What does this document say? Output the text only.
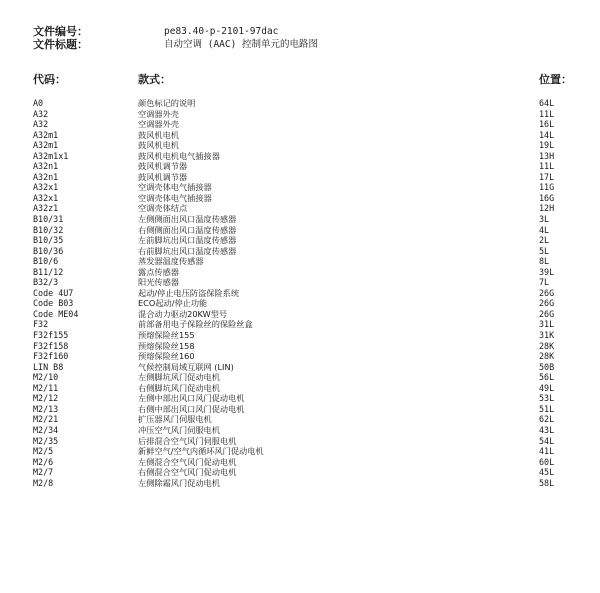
文件编号：	pe83.40-p-2101-97dac
文件标题：	自动空调 (AAC) 控制单元的电路图
代码：	款式：	位置：
A0	颜色标记的说明	64L
A32	空调器外壳	11L
A32	空调器外壳	16L
A32m1	鼓风机电机	14L
A32m1	鼓风机电机	19L
A32m1x1	鼓风机电机电气插接器	13H
A32n1	鼓风机调节器	11L
A32n1	鼓风机调节器	17L
A32x1	空调壳体电气插接器	11G
A32x1	空调壳体电气插接器	16G
A32z1	空调壳体结点	12H
B10/31	左侧侧面出风口温度传感器	3L
B10/32	右侧侧面出风口温度传感器	4L
B10/35	左前脚坑出风口温度传感器	2L
B10/36	右前脚坑出风口温度传感器	5L
B10/6	蒸发器温度传感器	8L
B11/12	露点传感器	39L
B32/3	阳光传感器	7L
Code 4U7	起动/停止电压防盗保险系统	26G
Code B03	ECO起动/停止功能	26G
Code ME04	混合动力驱动20KW型号	26G
F32	前部备用电子保险丝的保险丝盒	31L
F32f155	预熔保险丝155	31K
F32f158	预熔保险丝158	28K
F32f160	预熔保险丝160	28K
LIN B8	气候控制局域互联网 (LIN)	50B
M2/10	左侧脚坑风门促动电机	56L
M2/11	右侧脚坑风门促动电机	49L
M2/12	左侧中部出风口风门促动电机	53L
M2/13	右侧中部出风口风门促动电机	51L
M2/21	扩压器风门伺服电机	62L
M2/34	冲压空气风门伺服电机	43L
M2/35	后排混合空气风门伺服电机	54L
M2/5	新鲜空气/空气内循环风门促动电机	41L
M2/6	左侧混合空气风门促动电机	60L
M2/7	右侧混合空气风门促动电机	45L
M2/8	左侧除霜风门促动电机	58L
